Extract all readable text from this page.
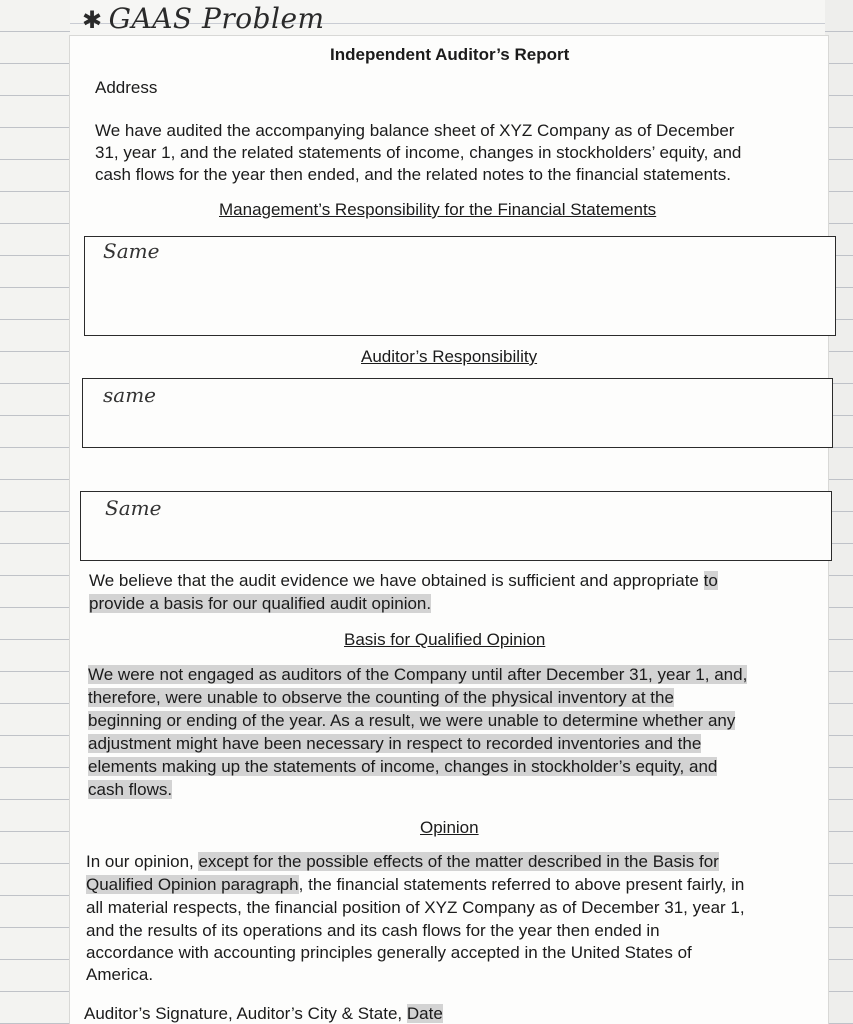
✱ GAAS Problem
Independent Auditor’s Report
Address
We have audited the accompanying balance sheet of XYZ Company as of December
31, year 1, and the related statements of income, changes in stockholders’ equity, and
cash flows for the year then ended, and the related notes to the financial statements.
Management’s Responsibility for the Financial Statements
Same
Auditor’s Responsibility
same
Same
We believe that the audit evidence we have obtained is sufficient and appropriate to
provide a basis for our qualified audit opinion.
Basis for Qualified Opinion
We were not engaged as auditors of the Company until after December 31, year 1, and,
therefore, were unable to observe the counting of the physical inventory at the
beginning or ending of the year. As a result, we were unable to determine whether any
adjustment might have been necessary in respect to recorded inventories and the
elements making up the statements of income, changes in stockholder’s equity, and
cash flows.
Opinion
In our opinion, except for the possible effects of the matter described in the Basis for
Qualified Opinion paragraph, the financial statements referred to above present fairly, in
all material respects, the financial position of XYZ Company as of December 31, year 1,
and the results of its operations and its cash flows for the year then ended in
accordance with accounting principles generally accepted in the United States of
America.
Auditor’s Signature, Auditor’s City & State, Date
